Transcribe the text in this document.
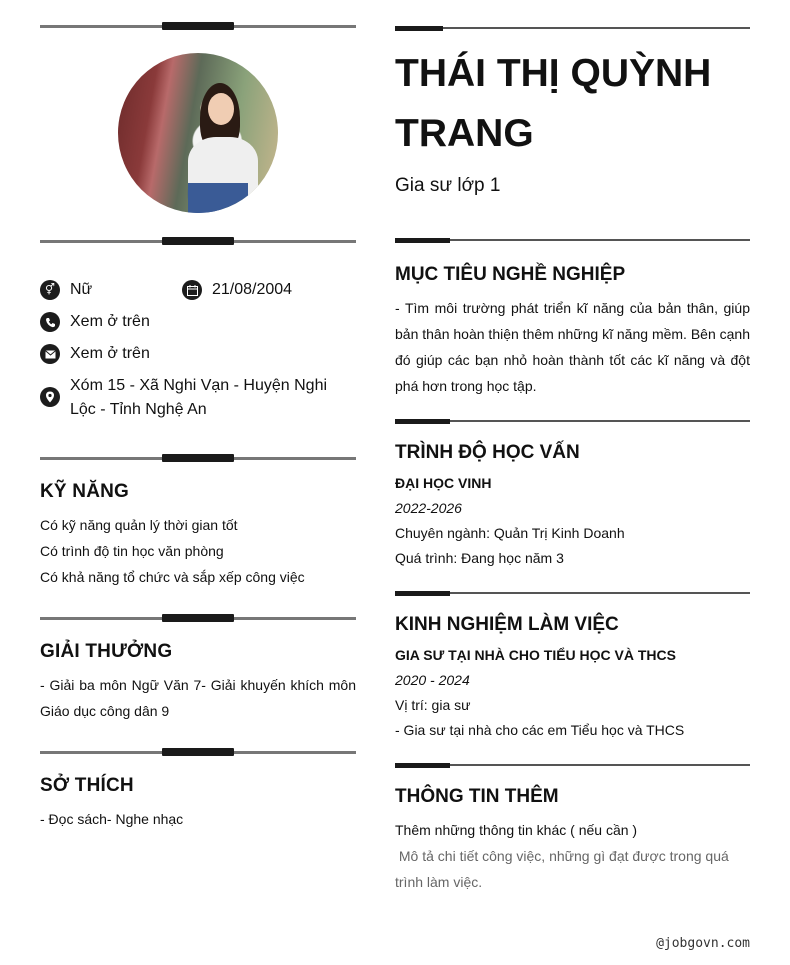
⚥ Nữ	21/08/2004
Xem ở trên
Xem ở trên
Xóm 15 - Xã Nghi Vạn - Huyện Nghi Lộc - Tỉnh Nghệ An
KỸ NĂNG
Có kỹ năng quản lý thời gian tốt
Có trình độ tin học văn phòng
Có khả năng tổ chức và sắp xếp công việc
GIẢI THƯỞNG
- Giải ba môn Ngữ Văn 7- Giải khuyến khích môn Giáo dục công dân 9
SỞ THÍCH
- Đọc sách- Nghe nhạc
THÁI THỊ QUỲNH TRANG
Gia sư lớp 1
MỤC TIÊU NGHỀ NGHIỆP
- Tìm môi trường phát triển kĩ năng của bản thân, giúp bản thân hoàn thiện thêm những kĩ năng mềm. Bên cạnh đó giúp các bạn nhỏ hoàn thành tốt các kĩ năng và đột phá hơn trong học tập.
TRÌNH ĐỘ HỌC VẤN
ĐẠI HỌC VINH
2022-2026
Chuyên ngành: Quản Trị Kinh Doanh
Quá trình: Đang học năm 3
KINH NGHIỆM LÀM VIỆC
GIA SƯ TẠI NHÀ CHO TIỂU HỌC VÀ THCS
2020 - 2024
Vị trí: gia sư
- Gia sư tại nhà cho các em Tiểu học và THCS
THÔNG TIN THÊM
Thêm những thông tin khác ( nếu cần )
Mô tả chi tiết công việc, những gì đạt được trong quá trình làm việc.
@jobgovn.com
